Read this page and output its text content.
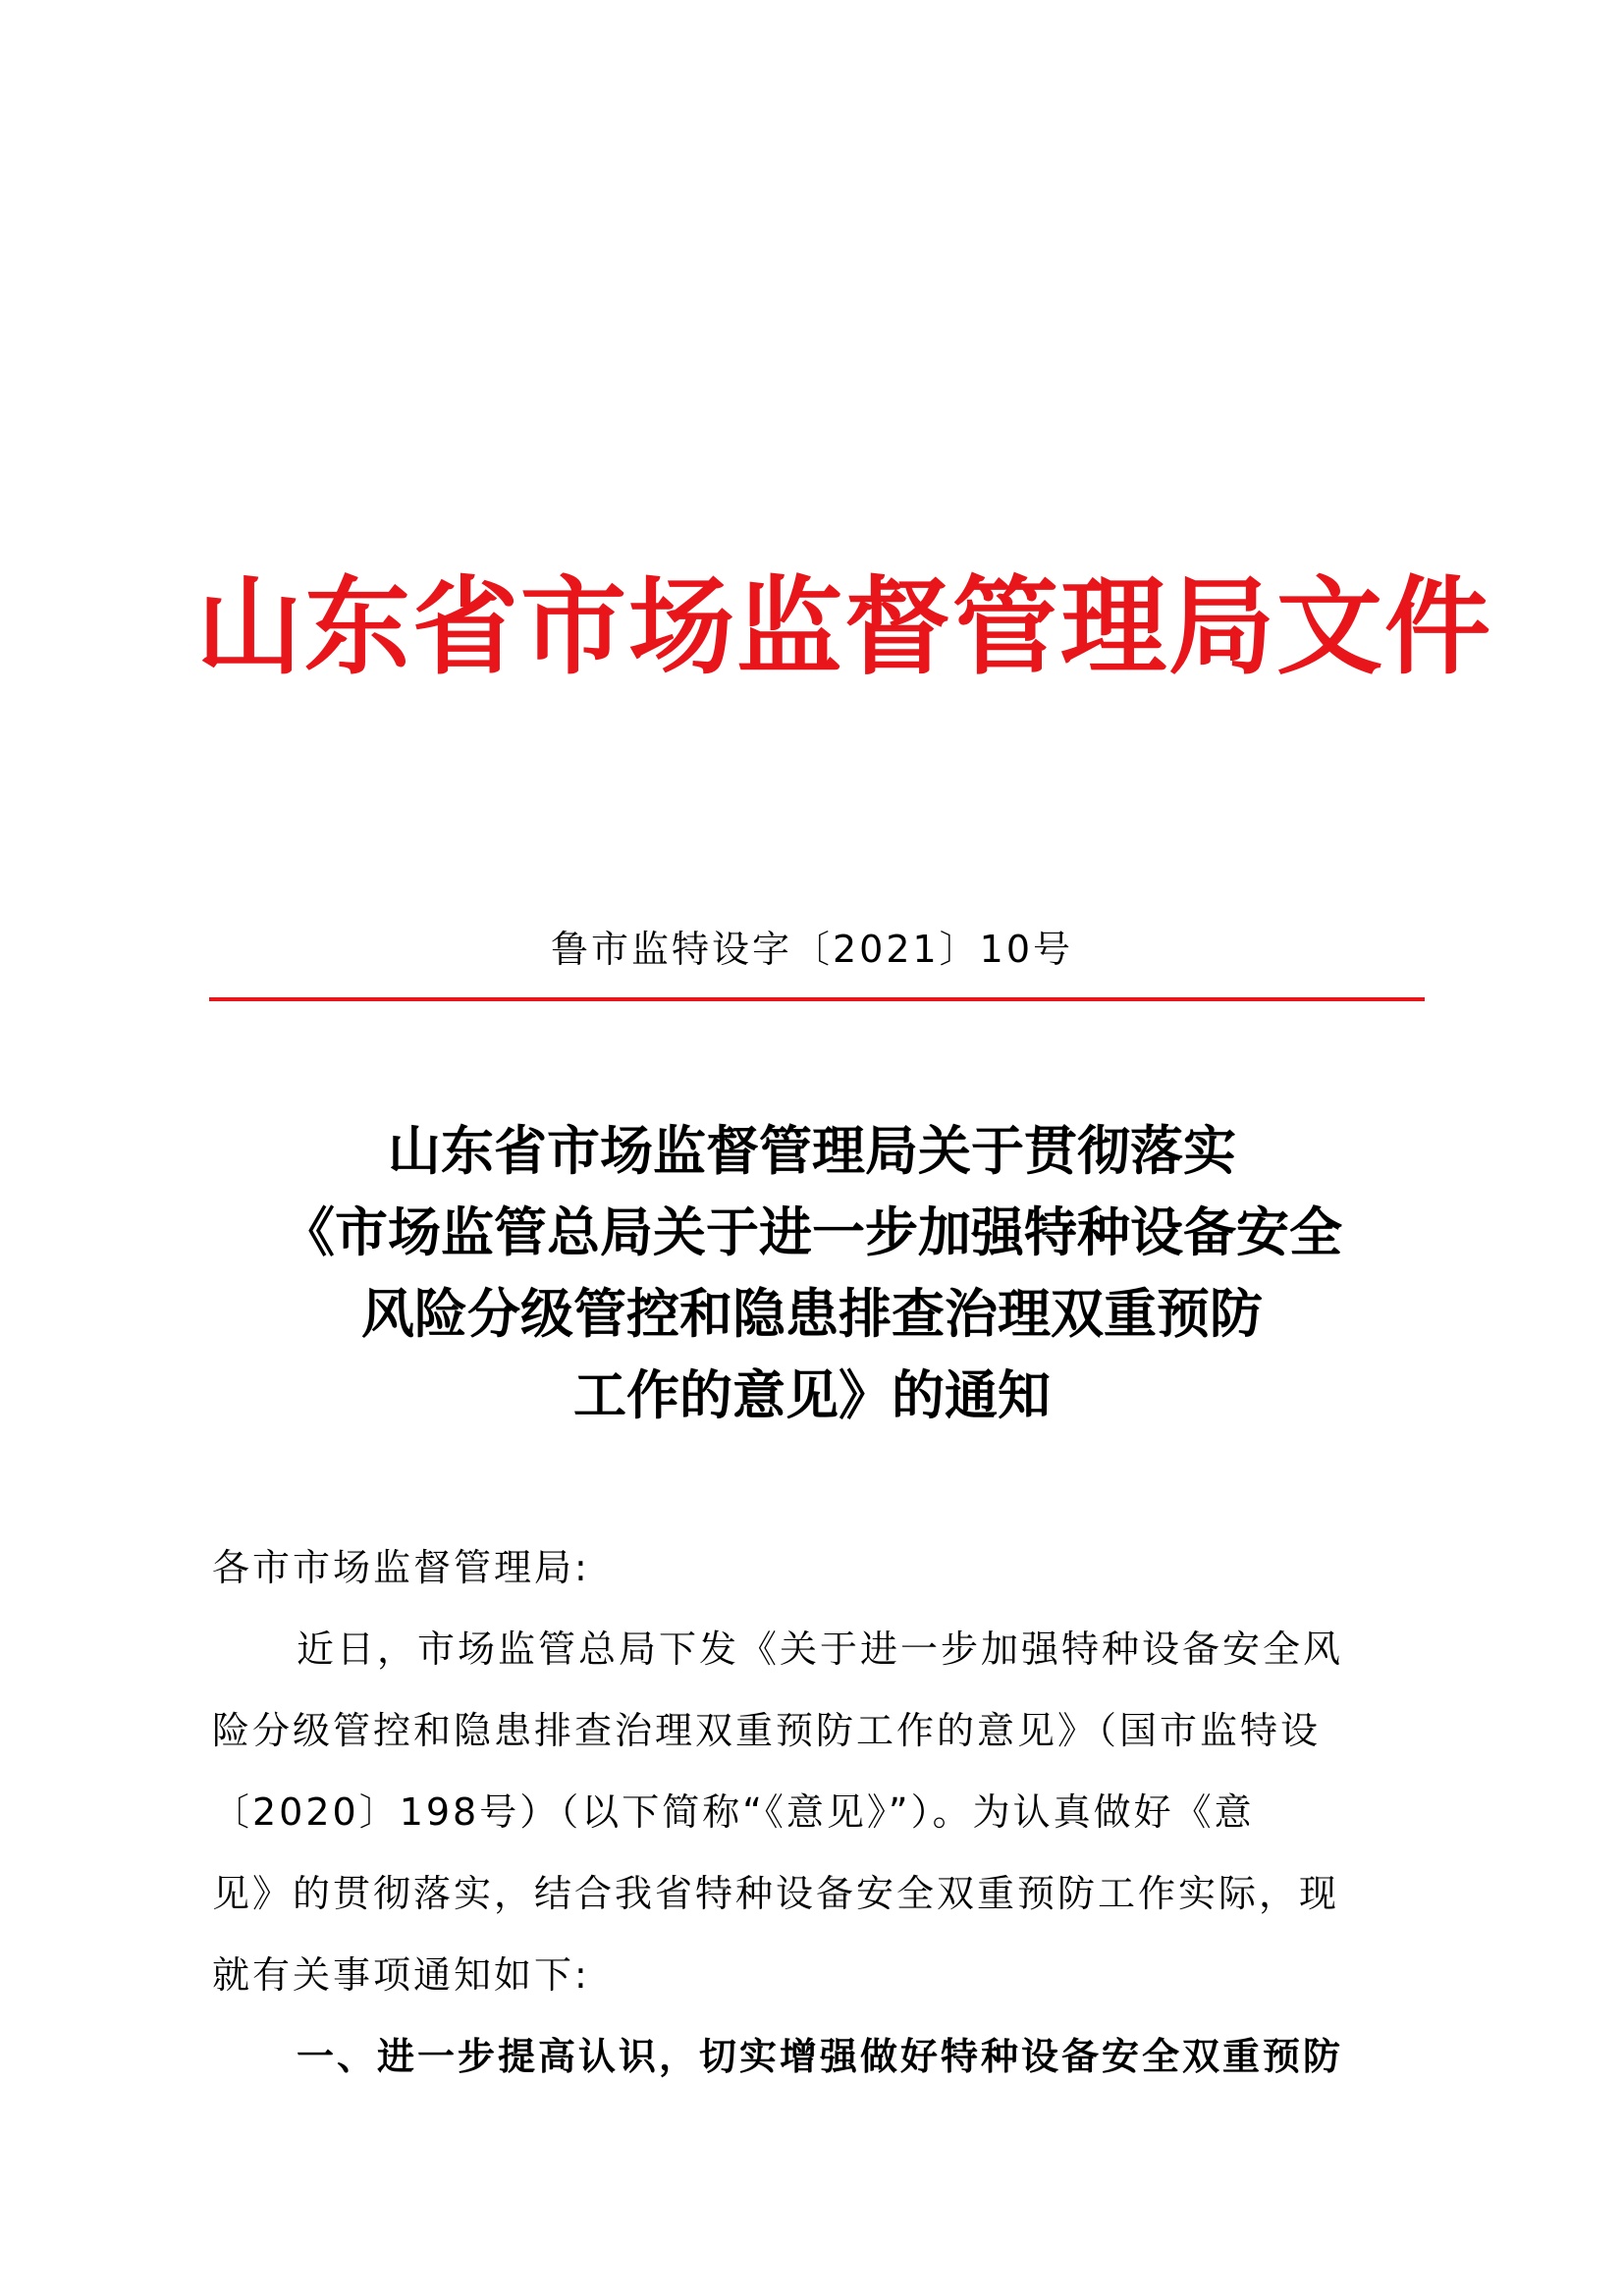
山东省市场监督管理局文件
鲁市监特设字〔2021〕10号
山东省市场监督管理局关于贯彻落实
《市场监管总局关于进一步加强特种设备安全
风险分级管控和隐患排查治理双重预防
工作的意见》的通知
各市市场监督管理局:
近日，市场监管总局下发《关于进一步加强特种设备安全风
险分级管控和隐患排查治理双重预防工作的意见》（国市监特设
〔2020〕198号）（以下简称“《意见》”）。为认真做好《意
见》的贯彻落实，结合我省特种设备安全双重预防工作实际，现
就有关事项通知如下:
一、进一步提高认识，切实增强做好特种设备安全双重预防
